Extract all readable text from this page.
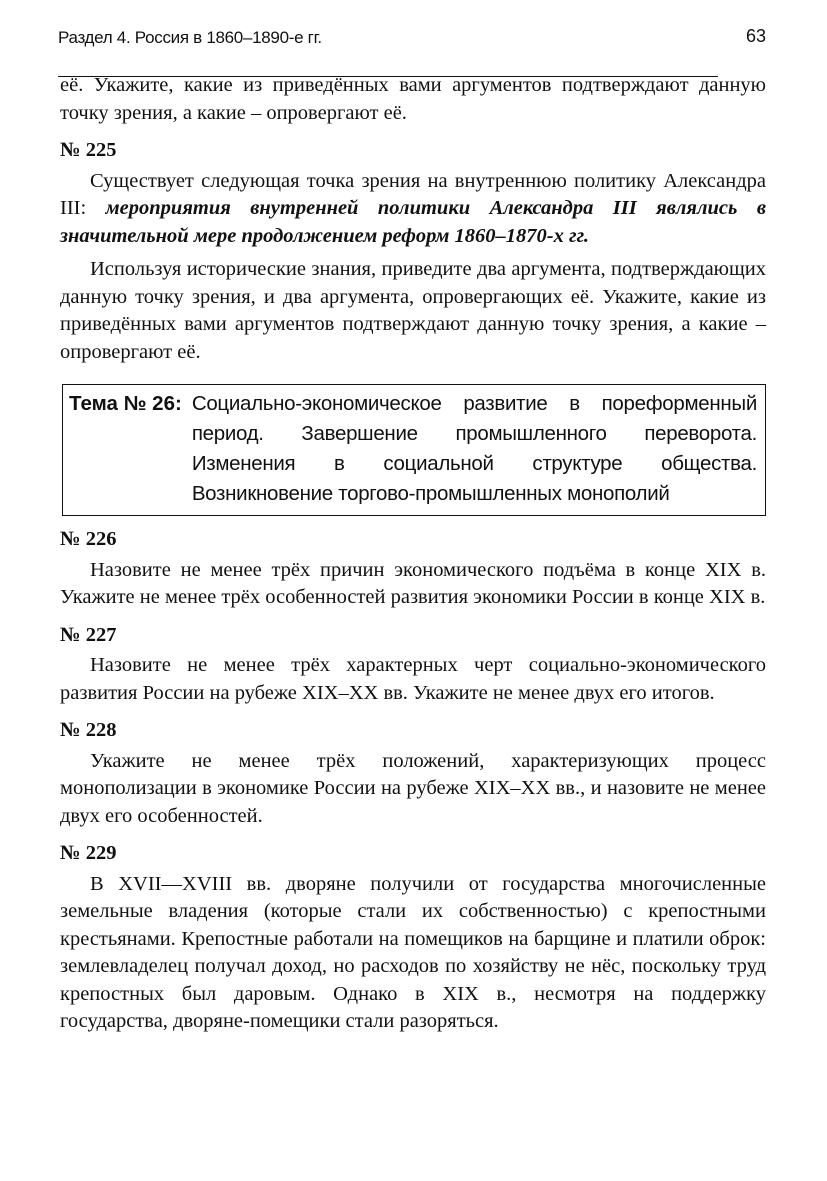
Раздел 4. Россия в 1860–1890-е гг.	63

её. Укажите, какие из приведённых вами аргументов подтверждают данную точку зрения, а какие – опровергают её.

№ 225

Существует следующая точка зрения на внутреннюю политику Александра III: мероприятия внутренней политики Александра III являлись в значительной мере продолжением реформ 1860–1870-х гг.

Используя исторические знания, приведите два аргумента, подтверждающих данную точку зрения, и два аргумента, опровергающих её. Укажите, какие из приведённых вами аргументов подтверждают данную точку зрения, а какие – опровергают её.

Тема № 26: Социально-экономическое развитие в пореформенный период. Завершение промышленного переворота. Изменения в социальной структуре общества. Возникновение торгово-промышленных монополий
№ 226

Назовите не менее трёх причин экономического подъёма в конце XIX в. Укажите не менее трёх особенностей развития экономики России в конце XIX в.

№ 227

Назовите не менее трёх характерных черт социально-экономического развития России на рубеже XIX–XX вв. Укажите не менее двух его итогов.

№ 228

Укажите не менее трёх положений, характеризующих процесс монополизации в экономике России на рубеже XIX–XX вв., и назовите не менее двух его особенностей.

№ 229

В XVII—XVIII вв. дворяне получили от государства многочисленные земельные владения (которые стали их собственностью) с крепостными крестьянами. Крепостные работали на помещиков на барщине и платили оброк: землевладелец получал доход, но расходов по хозяйству не нёс, поскольку труд крепостных был даровым. Однако в XIX в., несмотря на поддержку государства, дворяне-помещики стали разоряться.
